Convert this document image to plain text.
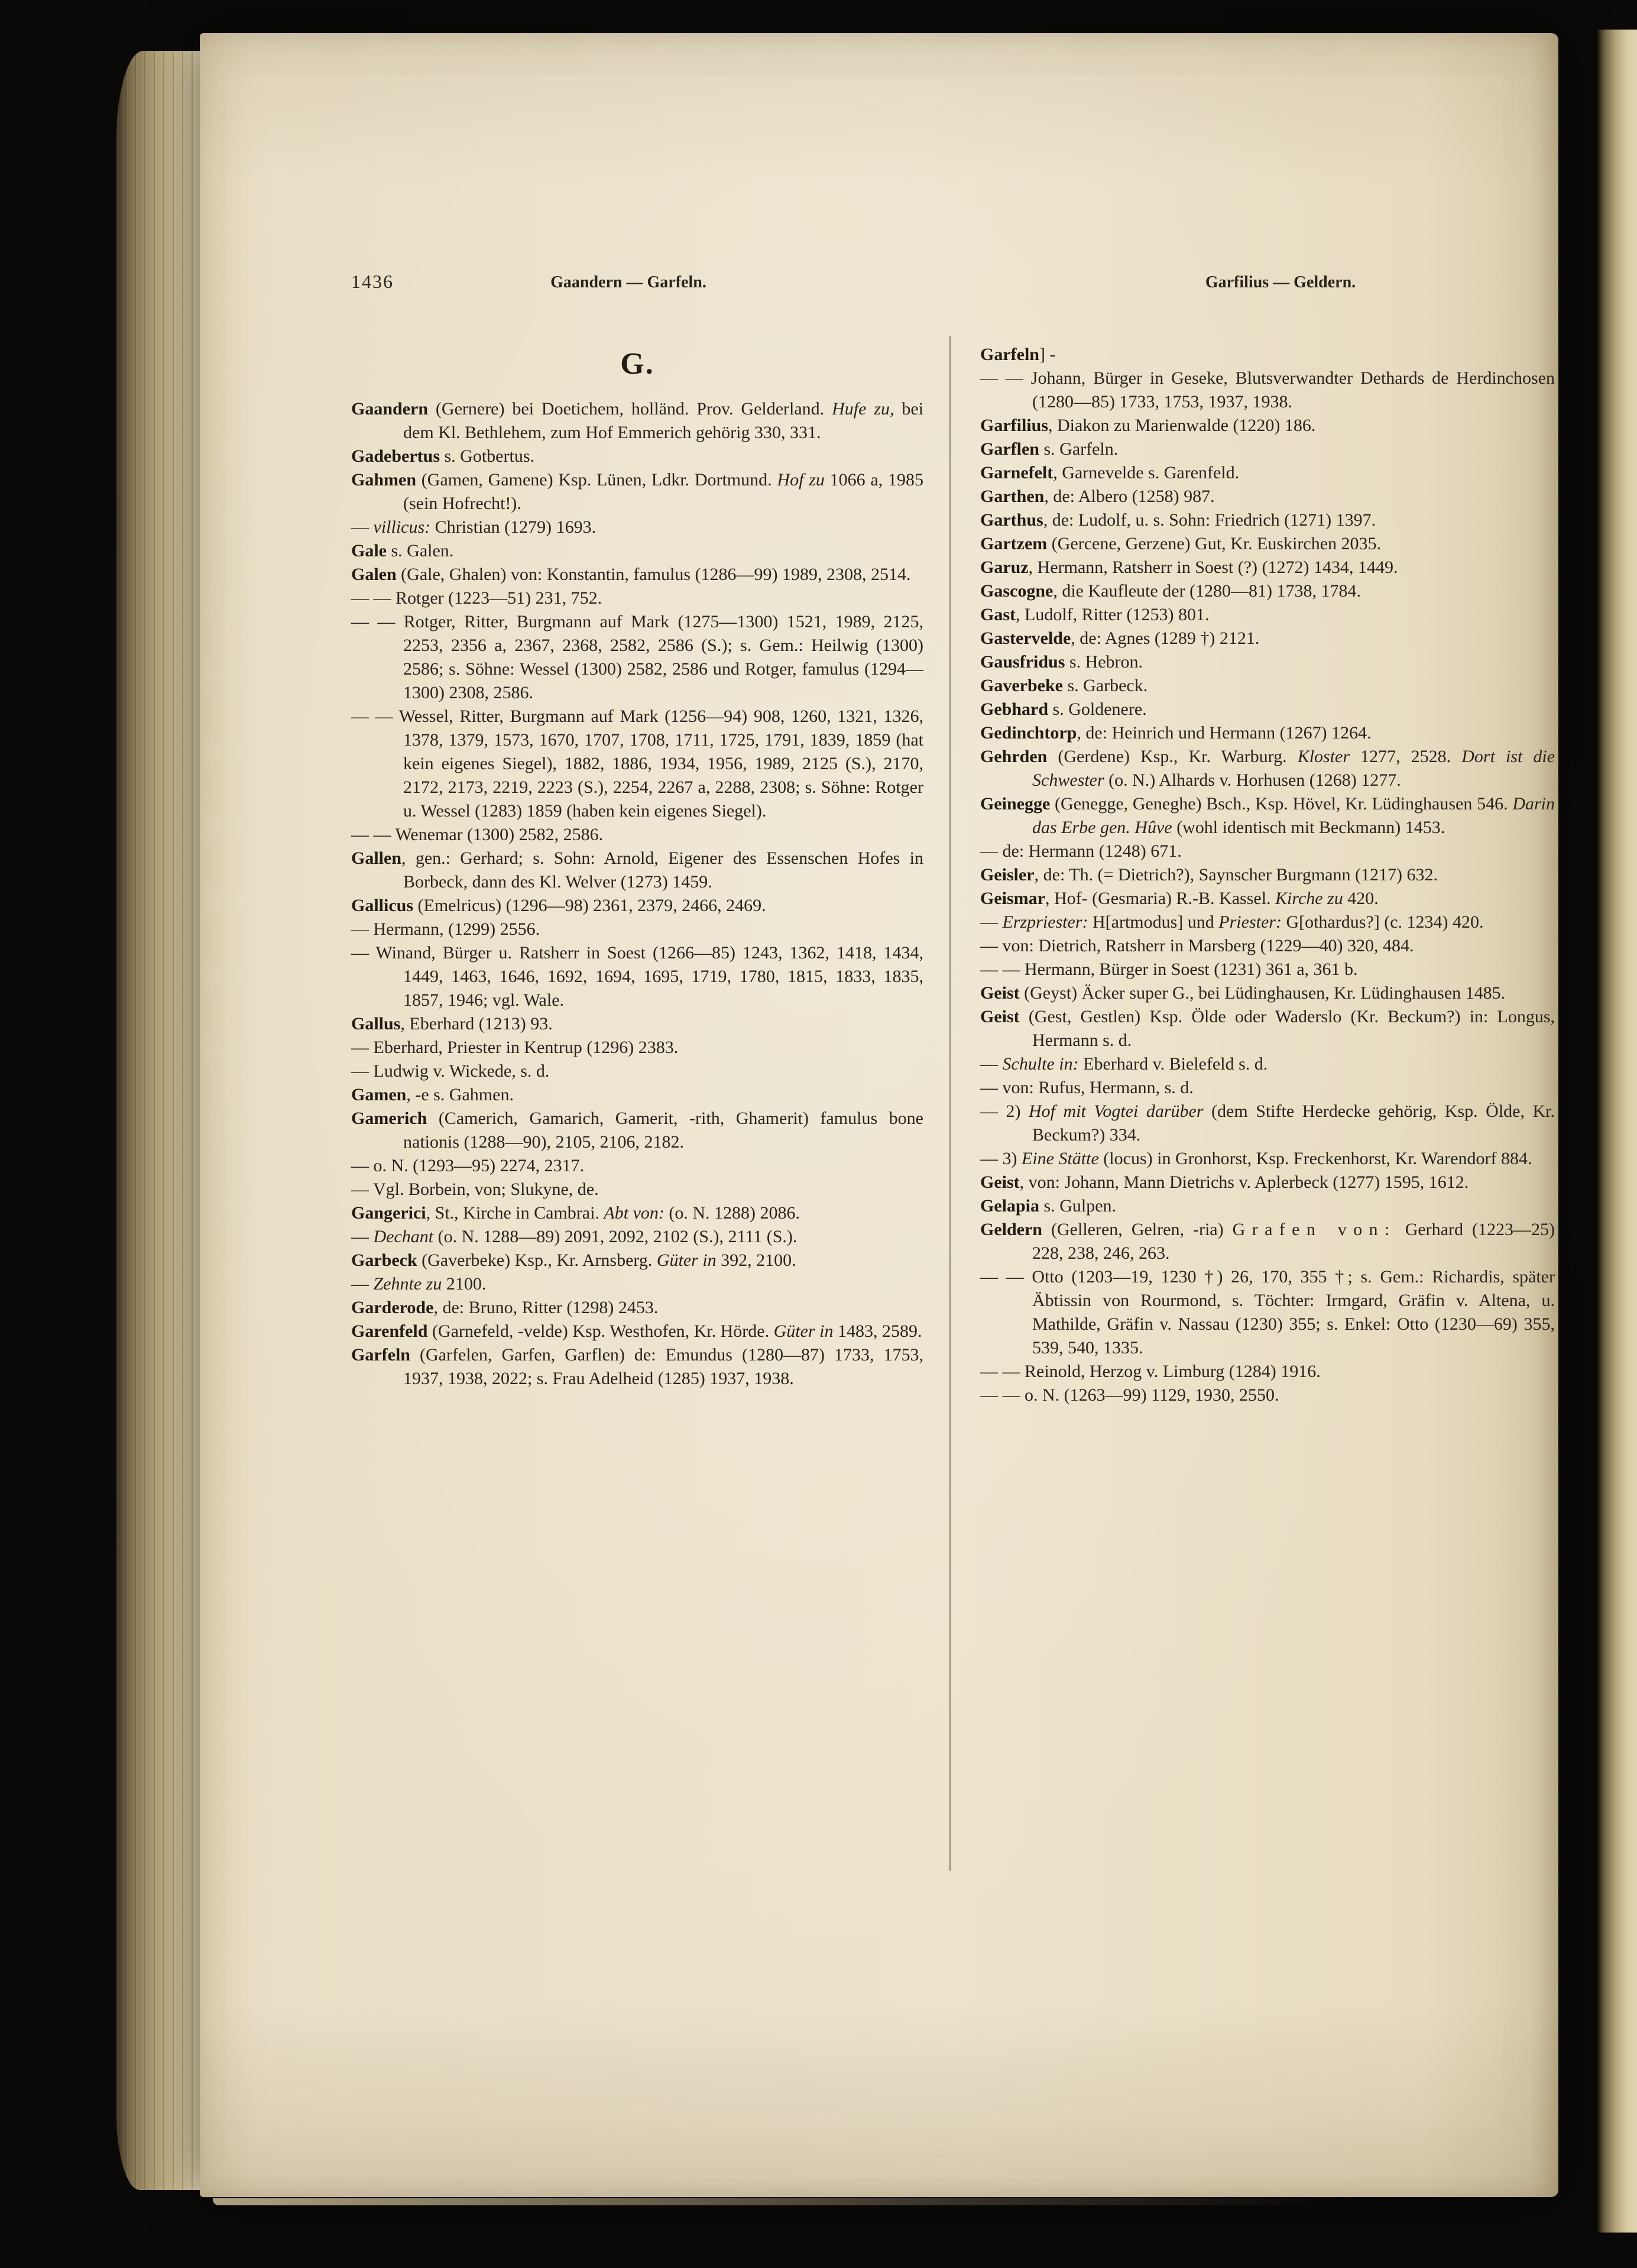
1436	Gaandern — Garfeln.	Garfilius — Geldern.
G.

Gaandern (Gernere) bei Doetichem, holländ. Prov. Gelderland. Hufe zu, bei dem Kl. Bethlehem, zum Hof Emmerich gehörig 330, 331.

Gadebertus s. Gotbertus.

Gahmen (Gamen, Gamene) Ksp. Lünen, Ldkr. Dortmund. Hof zu 1066 a, 1985 (sein Hofrecht!).

— villicus: Christian (1279) 1693.

Gale s. Galen.

Galen (Gale, Ghalen) von: Konstantin, famulus (1286—99) 1989, 2308, 2514.

— — Rotger (1223—51) 231, 752.

— — Rotger, Ritter, Burgmann auf Mark (1275—1300) 1521, 1989, 2125, 2253, 2356 a, 2367, 2368, 2582, 2586 (S.); s. Gem.: Heilwig (1300) 2586; s. Söhne: Wessel (1300) 2582, 2586 und Rotger, famulus (1294—1300) 2308, 2586.

— — Wessel, Ritter, Burgmann auf Mark (1256—94) 908, 1260, 1321, 1326, 1378, 1379, 1573, 1670, 1707, 1708, 1711, 1725, 1791, 1839, 1859 (hat kein eigenes Siegel), 1882, 1886, 1934, 1956, 1989, 2125 (S.), 2170, 2172, 2173, 2219, 2223 (S.), 2254, 2267 a, 2288, 2308; s. Söhne: Rotger u. Wessel (1283) 1859 (haben kein eigenes Siegel).

— — Wenemar (1300) 2582, 2586.

Gallen, gen.: Gerhard; s. Sohn: Arnold, Eigener des Essenschen Hofes in Borbeck, dann des Kl. Welver (1273) 1459.

Gallicus (Emelricus) (1296—98) 2361, 2379, 2466, 2469.

— Hermann, (1299) 2556.

— Winand, Bürger u. Ratsherr in Soest (1266—85) 1243, 1362, 1418, 1434, 1449, 1463, 1646, 1692, 1694, 1695, 1719, 1780, 1815, 1833, 1835, 1857, 1946; vgl. Wale.

Gallus, Eberhard (1213) 93.

— Eberhard, Priester in Kentrup (1296) 2383.

— Ludwig v. Wickede, s. d.

Gamen, -e s. Gahmen.

Gamerich (Camerich, Gamarich, Gamerit, -rith, Ghamerit) famulus bone nationis (1288—90), 2105, 2106, 2182.

— o. N. (1293—95) 2274, 2317.

— Vgl. Borbein, von; Slukyne, de.

Gangerici, St., Kirche in Cambrai. Abt von: (o. N. 1288) 2086.

— Dechant (o. N. 1288—89) 2091, 2092, 2102 (S.), 2111 (S.).

Garbeck (Gaverbeke) Ksp., Kr. Arnsberg. Güter in 392, 2100.

— Zehnte zu 2100.

Garderode, de: Bruno, Ritter (1298) 2453.

Garenfeld (Garnefeld, -velde) Ksp. Westhofen, Kr. Hörde. Güter in 1483, 2589.

Garfeln (Garfelen, Garfen, Garflen) de: Emundus (1280—87) 1733, 1753, 1937, 1938, 2022; s. Frau Adelheid (1285) 1937, 1938.

Garfeln] -

— — Johann, Bürger in Geseke, Blutsverwandter Dethards de Herdinchosen (1280—85) 1733, 1753, 1937, 1938.

Garfilius, Diakon zu Marienwalde (1220) 186.

Garflen s. Garfeln.

Garnefelt, Garnevelde s. Garenfeld.

Garthen, de: Albero (1258) 987.

Garthus, de: Ludolf, u. s. Sohn: Friedrich (1271) 1397.

Gartzem (Gercene, Gerzene) Gut, Kr. Euskirchen 2035.

Garuz, Hermann, Ratsherr in Soest (?) (1272) 1434, 1449.

Gascogne, die Kaufleute der (1280—81) 1738, 1784.

Gast, Ludolf, Ritter (1253) 801.

Gastervelde, de: Agnes (1289 †) 2121.

Gausfridus s. Hebron.

Gaverbeke s. Garbeck.

Gebhard s. Goldenere.

Gedinchtorp, de: Heinrich und Hermann (1267) 1264.

Gehrden (Gerdene) Ksp., Kr. Warburg. Kloster 1277, 2528. Dort ist die Schwester (o. N.) Alhards v. Horhusen (1268) 1277.

Geinegge (Genegge, Geneghe) Bsch., Ksp. Hövel, Kr. Lüdinghausen 546. Darin das Erbe gen. Hûve (wohl identisch mit Beckmann) 1453.

— de: Hermann (1248) 671.

Geisler, de: Th. (= Dietrich?), Saynscher Burgmann (1217) 632.

Geismar, Hof- (Gesmaria) R.-B. Kassel. Kirche zu 420.

— Erzpriester: H[artmodus] und Priester: G[othardus?] (c. 1234) 420.

— von: Dietrich, Ratsherr in Marsberg (1229—40) 320, 484.

— — Hermann, Bürger in Soest (1231) 361 a, 361 b.

Geist (Geyst) Äcker super G., bei Lüdinghausen, Kr. Lüdinghausen 1485.

Geist (Gest, Gestlen) Ksp. Ölde oder Waderslo (Kr. Beckum?) in: Longus, Hermann s. d.

— Schulte in: Eberhard v. Bielefeld s. d.

— von: Rufus, Hermann, s. d.

— 2) Hof mit Vogtei darüber (dem Stifte Herdecke gehörig, Ksp. Ölde, Kr. Beckum?) 334.

— 3) Eine Stätte (locus) in Gronhorst, Ksp. Freckenhorst, Kr. Warendorf 884.

Geist, von: Johann, Mann Dietrichs v. Aplerbeck (1277) 1595, 1612.

Gelapia s. Gulpen.

Geldern (Gelleren, Gelren, -ria) Grafen von: Gerhard (1223—25) 228, 238, 246, 263.

— — Otto (1203—19, 1230 †) 26, 170, 355 †; s. Gem.: Richardis, später Äbtissin von Rourmond, s. Töchter: Irmgard, Gräfin v. Altena, u. Mathilde, Gräfin v. Nassau (1230) 355; s. Enkel: Otto (1230—69) 355, 539, 540, 1335.

— — Reinold, Herzog v. Limburg (1284) 1916.

— — o. N. (1263—99) 1129, 1930, 2550.
